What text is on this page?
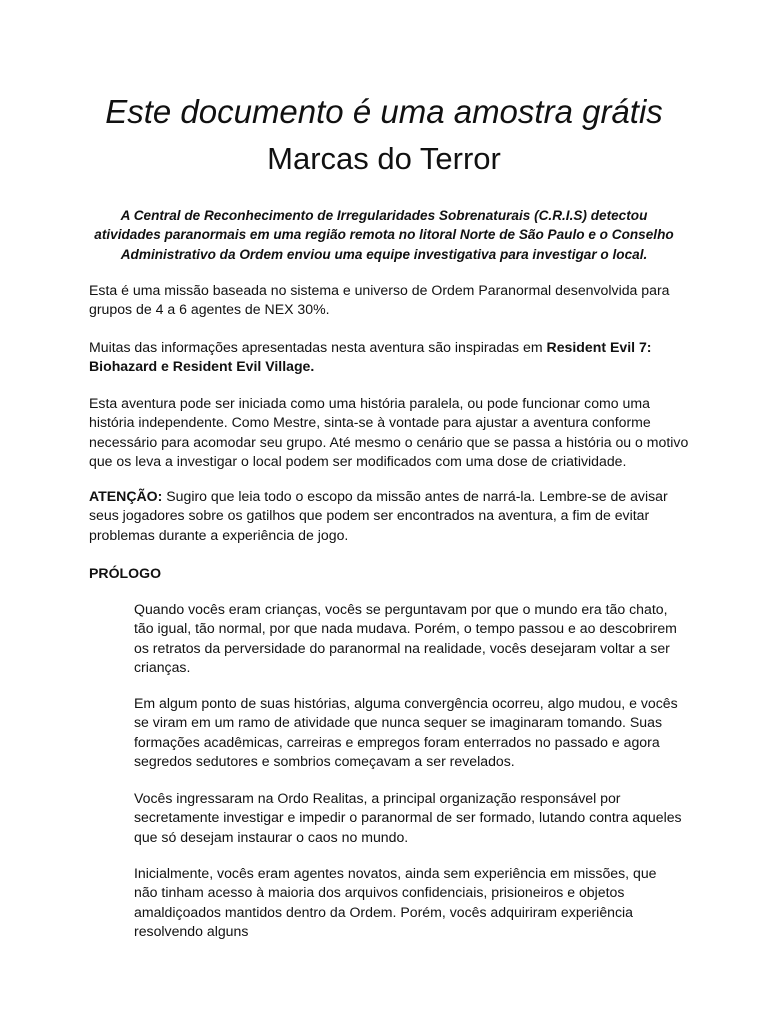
Este documento é uma amostra grátis
Marcas do Terror
A Central de Reconhecimento de Irregularidades Sobrenaturais (C.R.I.S) detectou atividades paranormais em uma região remota no litoral Norte de São Paulo e o Conselho Administrativo da Ordem enviou uma equipe investigativa para investigar o local.
Esta é uma missão baseada no sistema e universo de Ordem Paranormal desenvolvida para grupos de 4 a 6 agentes de NEX 30%.
Muitas das informações apresentadas nesta aventura são inspiradas em Resident Evil 7: Biohazard e Resident Evil Village.
Esta aventura pode ser iniciada como uma história paralela, ou pode funcionar como uma história independente. Como Mestre, sinta-se à vontade para ajustar a aventura conforme necessário para acomodar seu grupo. Até mesmo o cenário que se passa a história ou o motivo que os leva a investigar o local podem ser modificados com uma dose de criatividade.
ATENÇÃO: Sugiro que leia todo o escopo da missão antes de narrá-la. Lembre-se de avisar seus jogadores sobre os gatilhos que podem ser encontrados na aventura, a fim de evitar problemas durante a experiência de jogo.
PRÓLOGO
Quando vocês eram crianças, vocês se perguntavam por que o mundo era tão chato, tão igual, tão normal, por que nada mudava. Porém, o tempo passou e ao descobrirem os retratos da perversidade do paranormal na realidade, vocês desejaram voltar a ser crianças.
Em algum ponto de suas histórias, alguma convergência ocorreu, algo mudou, e vocês se viram em um ramo de atividade que nunca sequer se imaginaram tomando. Suas formações acadêmicas, carreiras e empregos foram enterrados no passado e agora segredos sedutores e sombrios começavam a ser revelados.
Vocês ingressaram na Ordo Realitas, a principal organização responsável por secretamente investigar e impedir o paranormal de ser formado, lutando contra aqueles que só desejam instaurar o caos no mundo.
Inicialmente, vocês eram agentes novatos, ainda sem experiência em missões, que não tinham acesso à maioria dos arquivos confidenciais, prisioneiros e objetos amaldiçoados mantidos dentro da Ordem. Porém, vocês adquiriram experiência resolvendo alguns
